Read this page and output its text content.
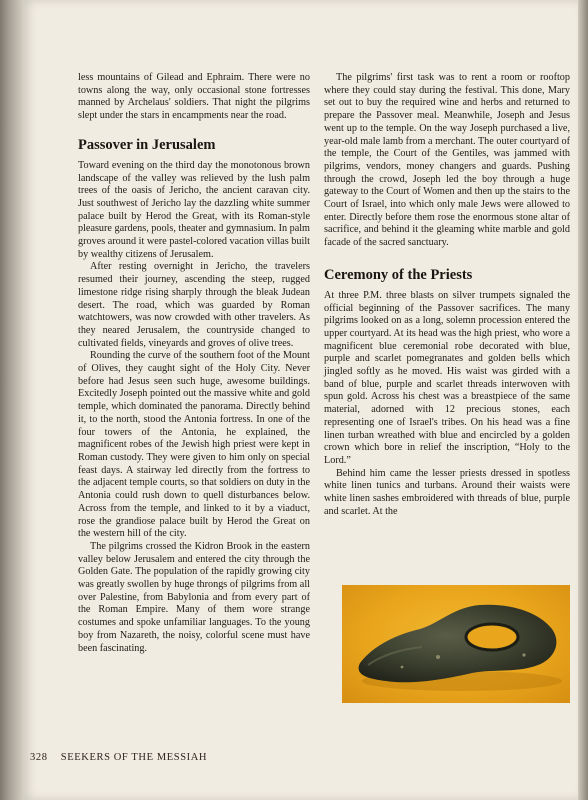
less mountains of Gilead and Ephraim. There were no towns along the way, only occasional stone fortresses manned by Archelaus' soldiers. That night the pilgrims slept under the stars in encampments near the road.

Passover in Jerusalem

Toward evening on the third day the monotonous brown landscape of the valley was relieved by the lush palm trees of the oasis of Jericho, the ancient caravan city. Just southwest of Jericho lay the dazzling white summer palace built by Herod the Great, with its Roman-style pleasure gardens, pools, theater and gymnasium. In palm groves around it were pastel-colored vacation villas built by wealthy citizens of Jerusalem.

After resting overnight in Jericho, the travelers resumed their journey, ascending the steep, rugged limestone ridge rising sharply through the bleak Judean desert. The road, which was guarded by Roman watchtowers, was now crowded with other travelers. As they neared Jerusalem, the countryside changed to cultivated fields, vineyards and groves of olive trees.

Rounding the curve of the southern foot of the Mount of Olives, they caught sight of the Holy City. Never before had Jesus seen such huge, awesome buildings. Excitedly Joseph pointed out the massive white and gold temple, which dominated the panorama. Directly behind it, to the north, stood the Antonia fortress. In one of the four towers of the Antonia, he explained, the magnificent robes of the Jewish high priest were kept in Roman custody. They were given to him only on special feast days. A stairway led directly from the fortress to the adjacent temple courts, so that soldiers on duty in the Antonia could rush down to quell disturbances below. Across from the temple, and linked to it by a viaduct, rose the grandiose palace built by Herod the Great on the western hill of the city.

The pilgrims crossed the Kidron Brook in the eastern valley below Jerusalem and entered the city through the Golden Gate. The population of the rapidly growing city was greatly swollen by huge throngs of pilgrims from all over Palestine, from Babylonia and from every part of the Roman Empire. Many of them wore strange costumes and spoke unfamiliar languages. To the young boy from Nazareth, the noisy, colorful scene must have been fascinating.

The pilgrims' first task was to rent a room or rooftop where they could stay during the festival. This done, Mary set out to buy the required wine and herbs and returned to prepare the Passover meal. Meanwhile, Joseph and Jesus went up to the temple. On the way Joseph purchased a live, year-old male lamb from a merchant. The outer courtyard of the temple, the Court of the Gentiles, was jammed with pilgrims, vendors, money changers and guards. Pushing through the crowd, Joseph led the boy through a huge gateway to the Court of Women and then up the stairs to the Court of Israel, into which only male Jews were allowed to enter. Directly before them rose the enormous stone altar of sacrifice, and behind it the gleaming white marble and gold facade of the sacred sanctuary.

Ceremony of the Priests

At three P.M. three blasts on silver trumpets signaled the official beginning of the Passover sacrifices. The many pilgrims looked on as a long, solemn procession entered the upper courtyard. At its head was the high priest, who wore a magnificent blue ceremonial robe decorated with blue, purple and scarlet pomegranates and golden bells which jingled softly as he moved. His waist was girded with a band of blue, purple and scarlet threads interwoven with spun gold. Across his chest was a breastpiece of the same material, adorned with 12 precious stones, each representing one of Israel's tribes. On his head was a fine linen turban wreathed with blue and encircled by a golden crown which bore in relief the inscription, “Holy to the Lord.”

Behind him came the lesser priests dressed in spotless white linen tunics and turbans. Around their waists were white linen sashes embroidered with threads of blue, purple and scarlet. At the

328 SEEKERS OF THE MESSIAH
